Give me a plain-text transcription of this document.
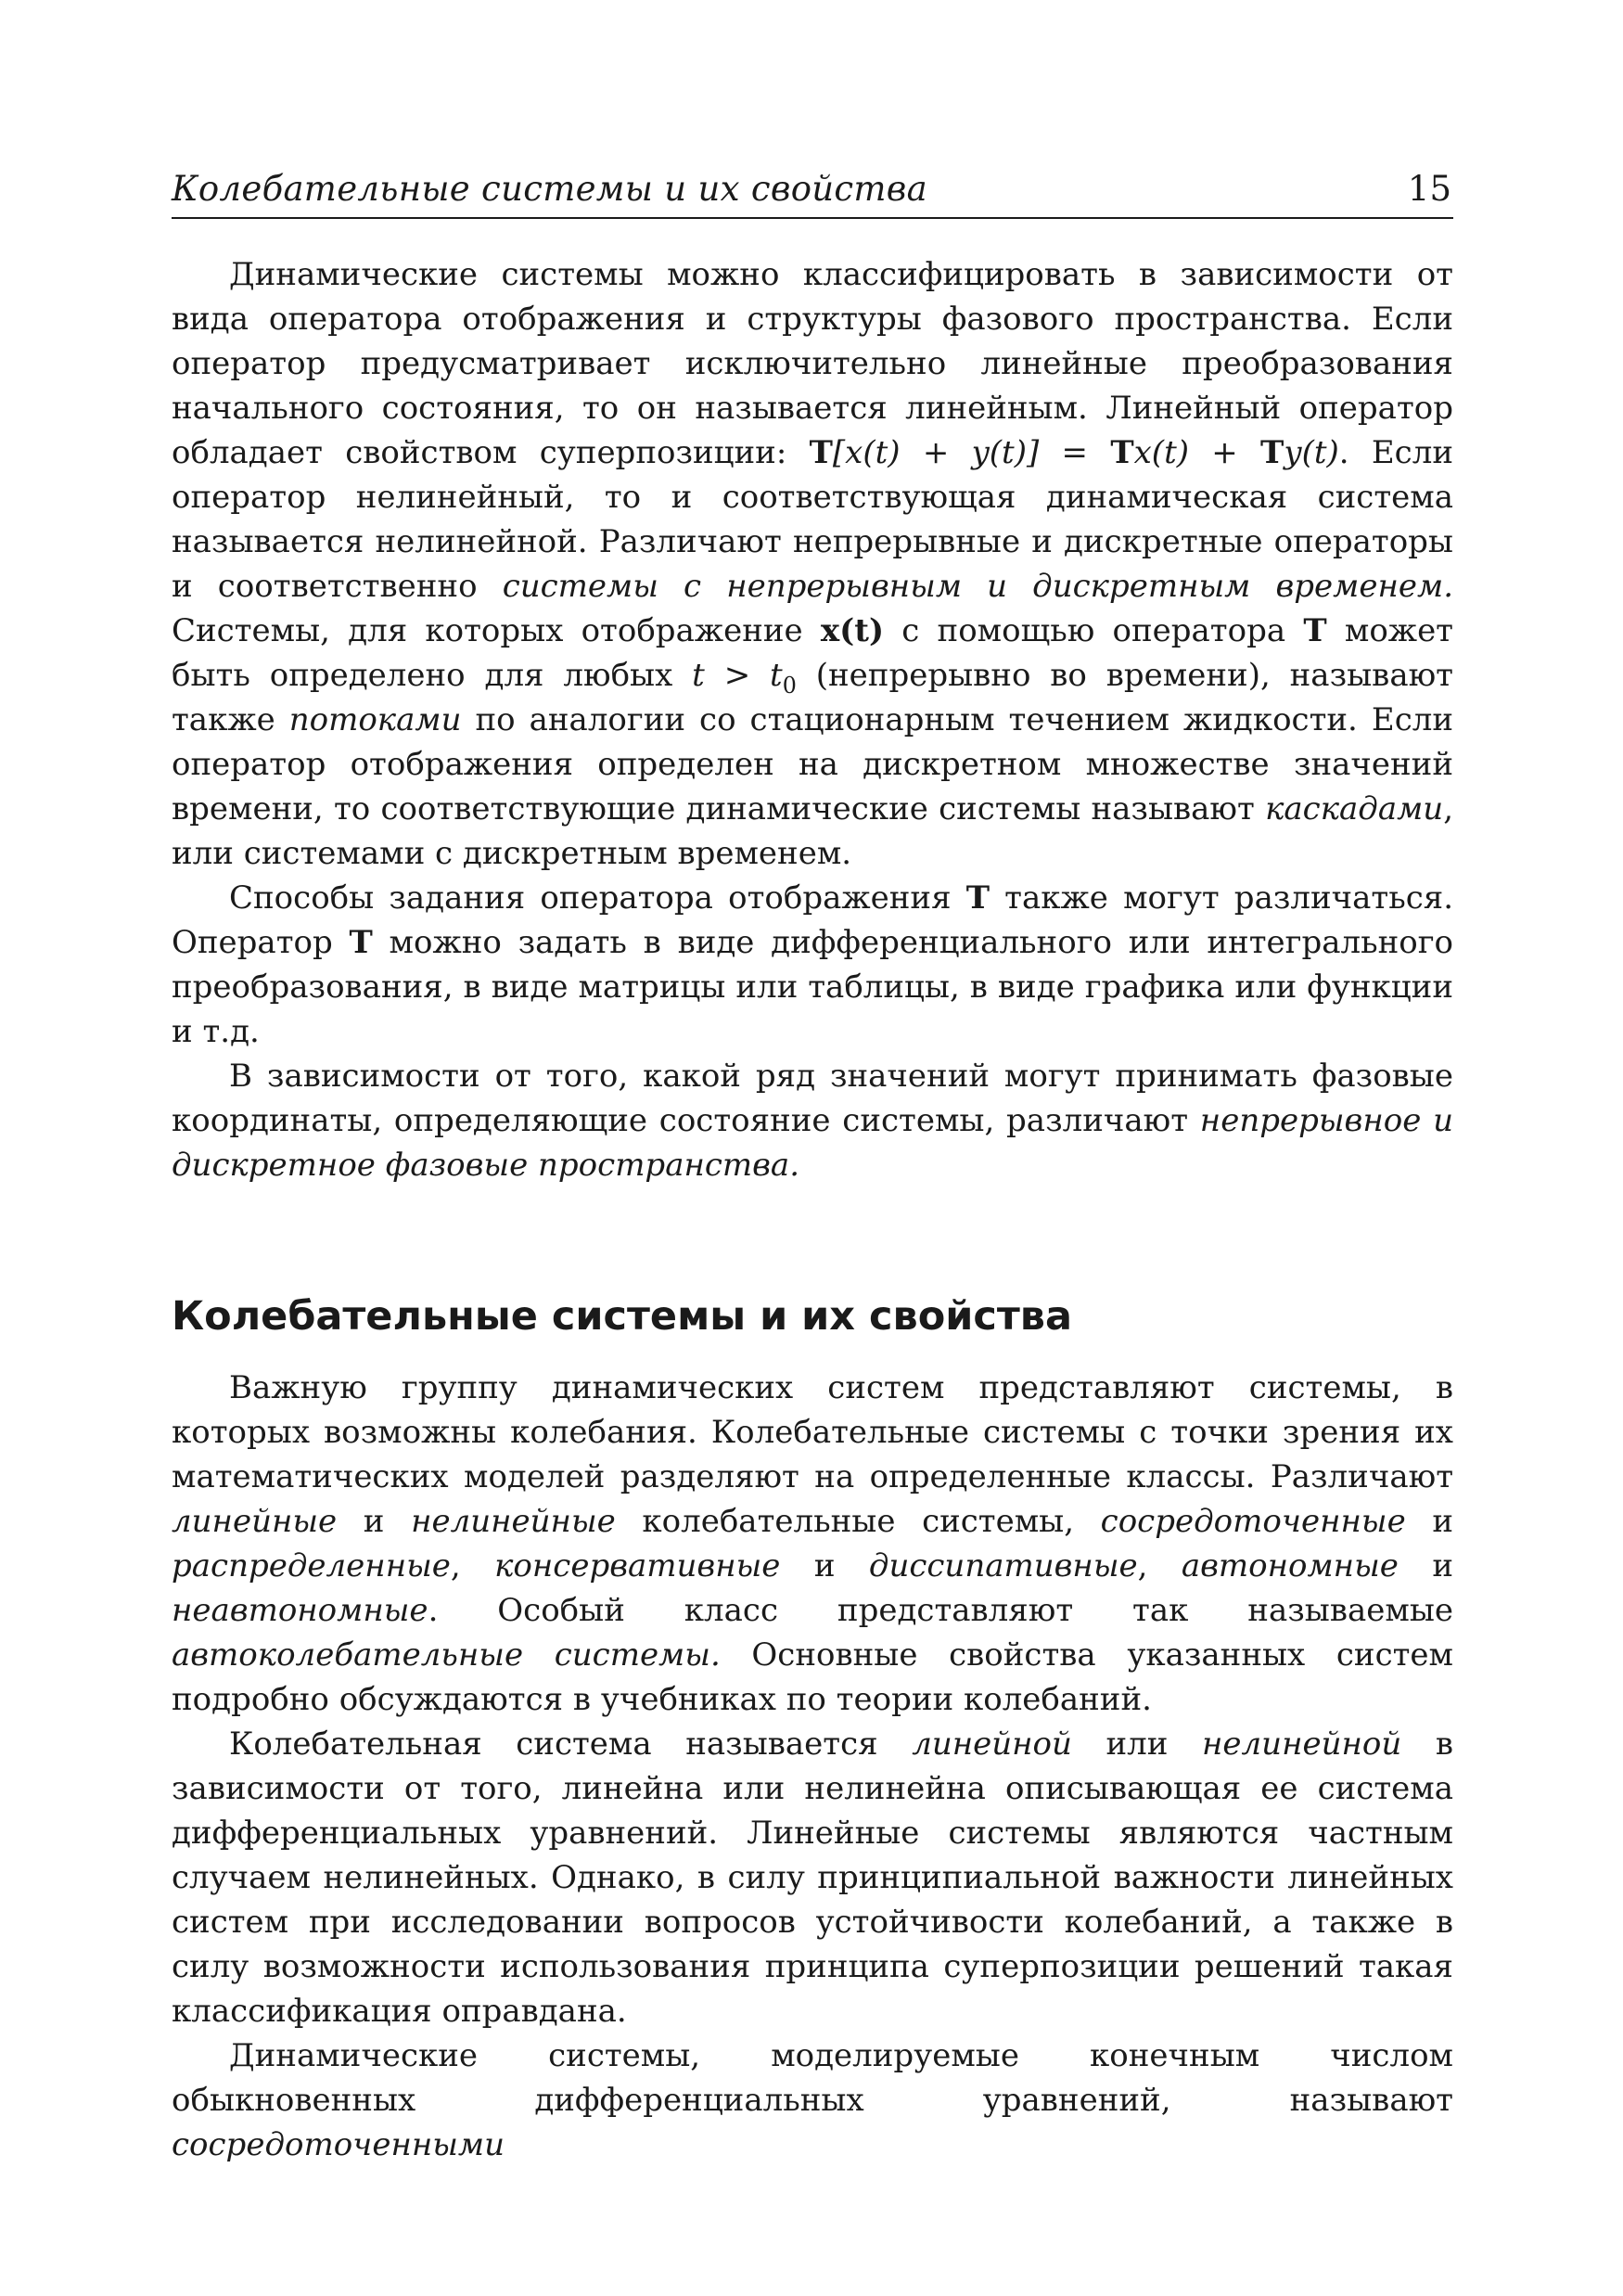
Колебательные системы и их свойства	15

Динамические системы можно классифицировать в зависимости от вида оператора отображения и структуры фазового пространства. Если оператор предусматривает исключительно линейные преобразования начального состояния, то он называется линейным. Линейный оператор обладает свойством суперпозиции: T[x(t) + y(t)] = Tx(t) + Ty(t). Если оператор нелинейный, то и соответствующая динамическая система называется нелинейной. Различают непрерывные и дискретные операторы и соответственно системы с непрерывным и дискретным временем. Системы, для которых отображение x(t) с помощью оператора T может быть определено для любых $t > t_0$ (непрерывно во времени), называют также потоками по аналогии со стационарным течением жидкости. Если оператор отображения определен на дискретном множестве значений времени, то соответствующие динамические системы называют каскадами, или системами с дискретным временем.

Способы задания оператора отображения T также могут различаться. Оператор T можно задать в виде дифференциального или интегрального преобразования, в виде матрицы или таблицы, в виде графика или функции и т.д.

В зависимости от того, какой ряд значений могут принимать фазовые координаты, определяющие состояние системы, различают непрерывное и дискретное фазовые пространства.

Колебательные системы и их свойства

Важную группу динамических систем представляют системы, в которых возможны колебания. Колебательные системы с точки зрения их математических моделей разделяют на определенные классы. Различают линейные и нелинейные колебательные системы, сосредоточенные и распределенные, консервативные и диссипативные, автономные и неавтономные. Особый класс представляют так называемые автоколебательные системы. Основные свойства указанных систем подробно обсуждаются в учебниках по теории колебаний.

Колебательная система называется линейной или нелинейной в зависимости от того, линейна или нелинейна описывающая ее система дифференциальных уравнений. Линейные системы являются частным случаем нелинейных. Однако, в силу принципиальной важности линейных систем при исследовании вопросов устойчивости колебаний, а также в силу возможности использования принципа суперпозиции решений такая классификация оправдана.

Динамические системы, моделируемые конечным числом обыкновенных дифференциальных уравнений, называют сосредоточенными
